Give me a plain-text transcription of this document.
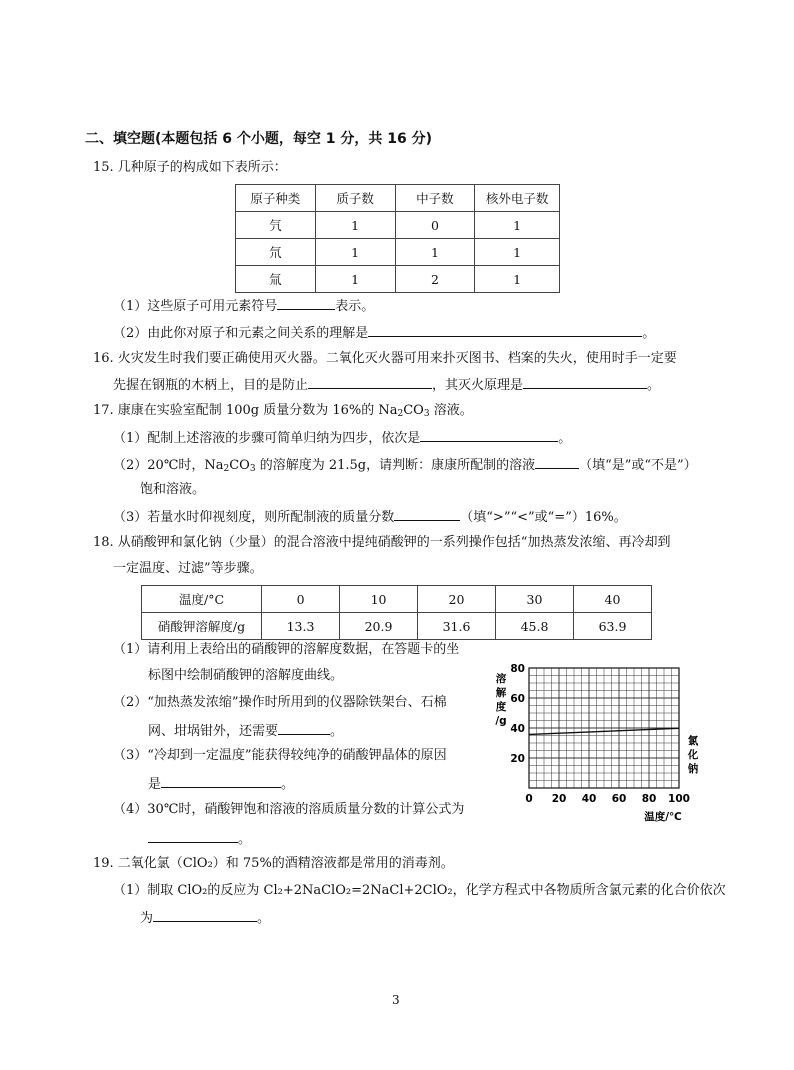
二、填空题(本题包括 6 个小题，每空 1 分，共 16 分)
15. 几种原子的构成如下表所示：
原子种类	质子数	中子数	核外电子数
氕	1	0	1
氘	1	1	1
氚	1	2	1
（1）这些原子可用元素符号	表示。
（2）由此你对原子和元素之间关系的理解是	。
16. 火灾发生时我们要正确使用灭火器。二氧化灭火器可用来扑灭图书、档案的失火，使用时手一定要
先握在钢瓶的木柄上，目的是防止	，其灭火原理是	。
17. 康康在实验室配制 100g 质量分数为 16%的 $Na_2CO_3$ 溶液。
（1）配制上述溶液的步骤可简单归纳为四步，依次是	。
（2）20℃时，$Na_2CO_3$ 的溶解度为 21.5g，请判断：康康所配制的溶液	（填“是”或“不是”）
饱和溶液。
（3）若量水时仰视刻度，则所配制液的质量分数	（填“>”“<”或“=”）16%。
18. 从硝酸钾和氯化钠（少量）的混合溶液中提纯硝酸钾的一系列操作包括“加热蒸发浓缩、再冷却到
一定温度、过滤”等步骤。
温度/°C	0	10	20	30	40
硝酸钾溶解度/g	13.3	20.9	31.6	45.8	63.9
（1）请利用上表给出的硝酸钾的溶解度数据，在答题卡的坐
标图中绘制硝酸钾的溶解度曲线。
（2）“加热蒸发浓缩”操作时所用到的仪器除铁架台、石棉
网、坩埚钳外，还需要	。
（3）“冷却到一定温度”能获得较纯净的硝酸钾晶体的原因
是	。
（4）30℃时，硝酸钾饱和溶液的溶质质量分数的计算公式为
。
0 20 40 60 80 100
20
40
60
80
溶
解
度
/g
温度/℃
氯
化
钠
19. 二氧化氯（ClO₂）和 75%的酒精溶液都是常用的消毒剂。
（1）制取 ClO₂的反应为 Cl₂+2NaClO₂=2NaCl+2ClO₂，化学方程式中各物质所含氯元素的化合价依次
为	。
3
